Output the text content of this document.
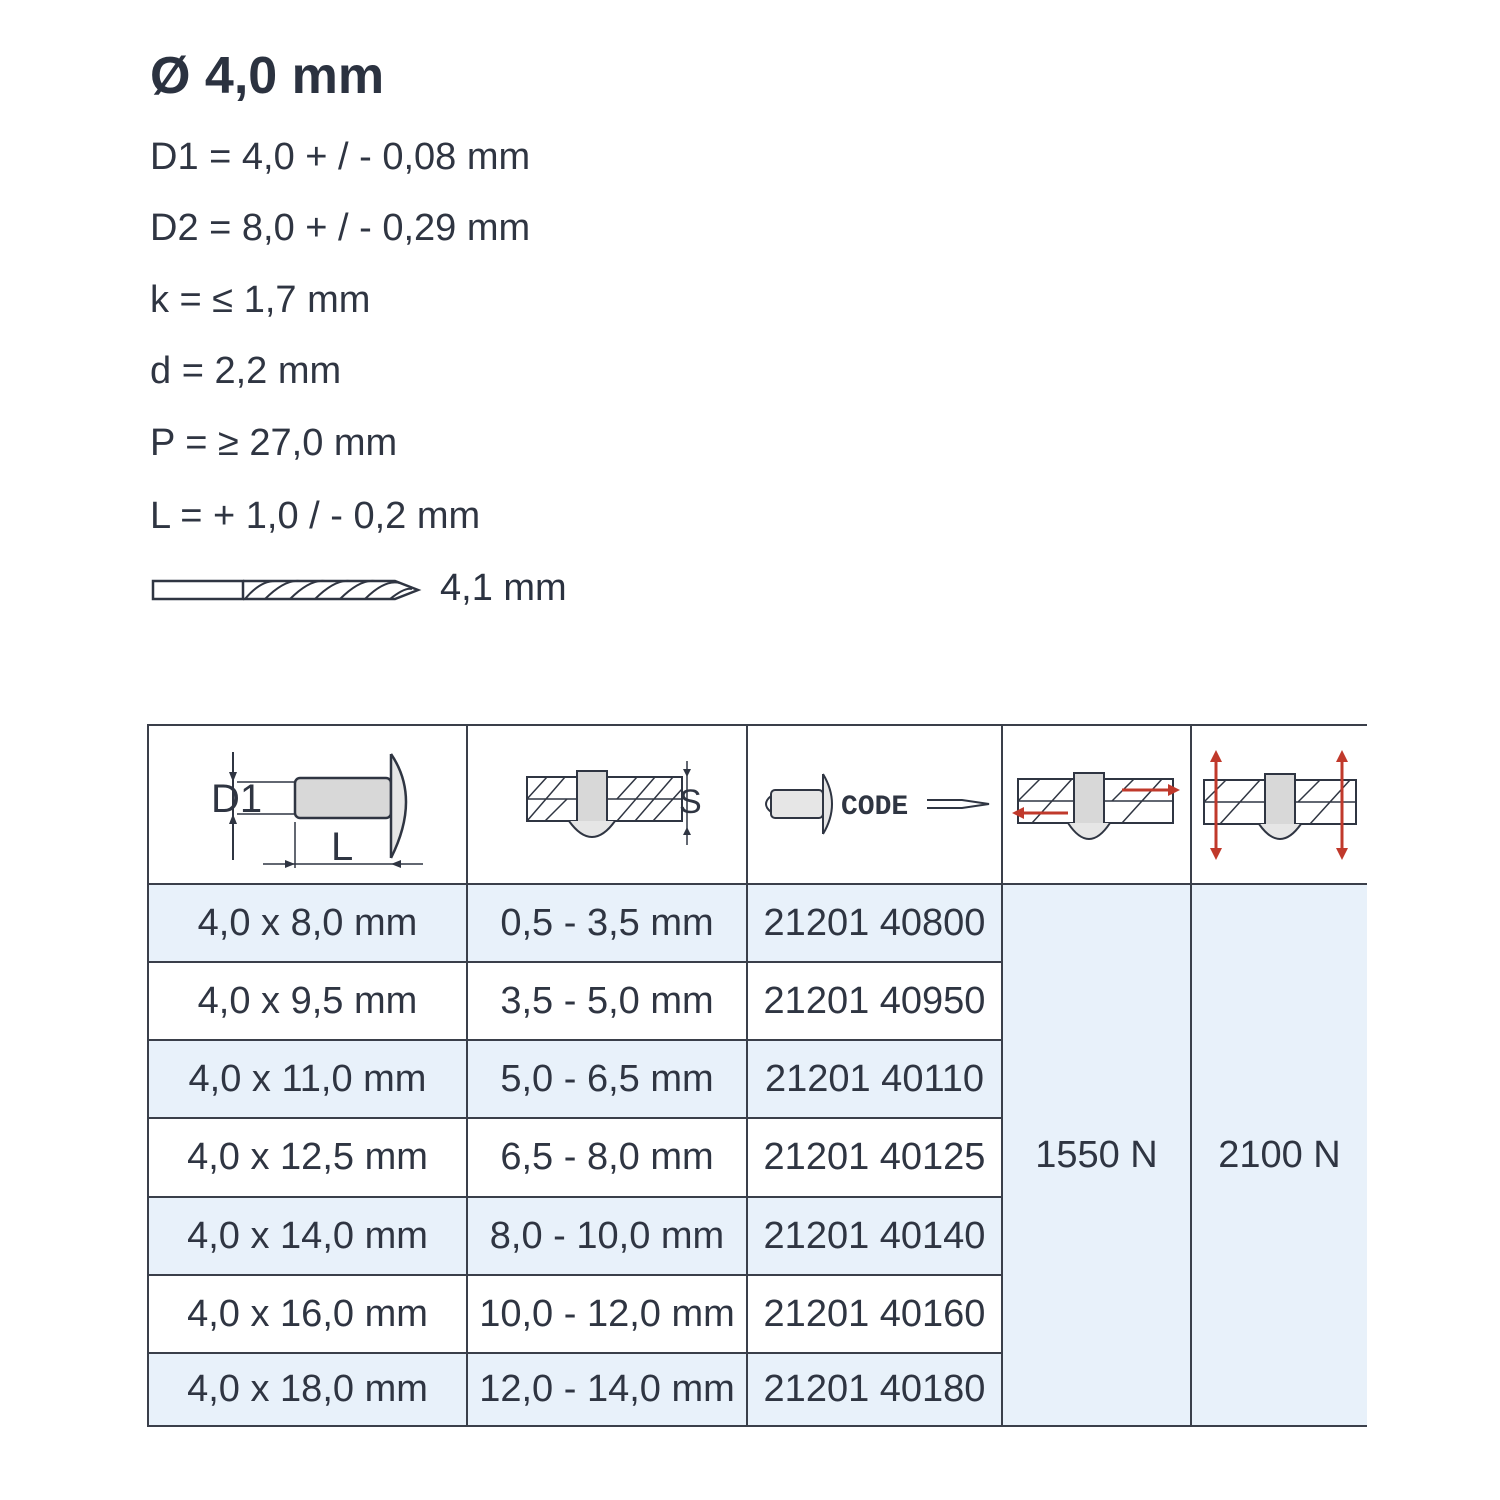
Ø 4,0 mm
D1 = 4,0 + / - 0,08 mm
D2 = 8,0 + / - 0,29 mm
k = ≤ 1,7 mm
d = 2,2 mm
P = ≥ 27,0 mm
L = + 1,0 / - 0,2 mm
4,1 mm
D1
L
S	CODE
4,0 x 8,0 mm	0,5 - 3,5 mm	21201 40800
4,0 x 9,5 mm	3,5 - 5,0 mm	21201 40950
4,0 x 11,0 mm	5,0 - 6,5 mm	21201 40110
4,0 x 12,5 mm	6,5 - 8,0 mm	21201 40125
4,0 x 14,0 mm	8,0 - 10,0 mm	21201 40140
4,0 x 16,0 mm	10,0 - 12,0 mm 21201 40160
4,0 x 18,0 mm	12,0 - 14,0 mm 21201 40180
1550 N	2100 N
